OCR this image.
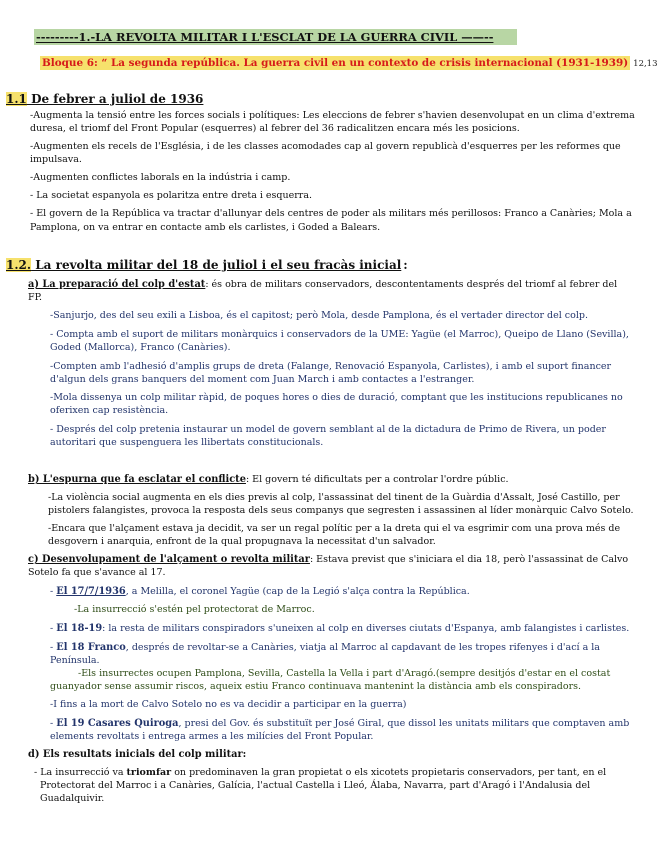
---------1.-LA REVOLTA MILITAR I L'ESCLAT DE LA GUERRA CIVIL ——--
Bloque 6: “ La segunda república. La guerra civil en un contexto de crisis internacional (1931-1939) 12,13
1.1 De febrer a juliol de 1936
-Augmenta la tensió entre les forces socials i polítiques: Les eleccions de febrer s'havien desenvolupat en un clima d'extrema
duresa, el triomf del Front Popular (esquerres) al febrer del 36 radicalitzen encara més les posicions.
-Augmenten els recels de l'Església, i de les classes acomodades cap al govern republicà d'esquerres per les reformes que
impulsava.
-Augmenten conflictes laborals en la indústria i camp.
- La societat espanyola es polaritza entre dreta i esquerra.
- El govern de la República va tractar d'allunyar dels centres de poder als militars més perillosos: Franco a Canàries; Mola a
Pamplona, on va entrar en contacte amb els carlistes, i Goded a Balears.
1.2. La revolta militar del 18 de juliol i el seu fracàs inicial :
a) La preparació del colp d'estat: és obra de militars conservadors, descontentaments després del triomf al febrer del
FP.
-Sanjurjo, des del seu exili a Lisboa, és el capitost; però Mola, desde Pamplona, és el vertader director del colp.
- Compta amb el suport de militars monàrquics i conservadors de la UME: Yagüe (el Marroc), Queipo de Llano (Sevilla),
Goded (Mallorca), Franco (Canàries).
-Compten amb l'adhesió d'amplis grups de dreta (Falange, Renovació Espanyola, Carlistes), i amb el suport financer
d'algun dels grans banquers del moment com Juan March i amb contactes a l'estranger.
-Mola dissenya un colp militar ràpid, de poques hores o dies de duració, comptant que les institucions republicanes no
oferixen cap resistència.
- Després del colp pretenia instaurar un model de govern semblant al de la dictadura de Primo de Rivera, un poder
autoritari que suspenguera les llibertats constitucionals.
b) L'espurna que fa esclatar el conflicte: El govern té dificultats per a controlar l'ordre públic.
-La violència social augmenta en els dies previs al colp, l'assassinat del tinent de la Guàrdia d'Assalt, José Castillo, per
pistolers falangistes, provoca la resposta dels seus companys que segresten i assassinen al líder monàrquic Calvo Sotelo.
-Encara que l'alçament estava ja decidit, va ser un regal polític per a la dreta qui el va esgrimir com una prova més de
desgovern i anarquia, enfront de la qual propugnava la necessitat d'un salvador.
c) Desenvolupament de l'alçament o revolta militar: Estava previst que s'iniciara el dia 18, però l'assassinat de Calvo
Sotelo fa que s'avance al 17.
- El 17/7/1936, a Melilla, el coronel Yagüe (cap de la Legió s'alça contra la República.
-La insurrecció s'estén pel protectorat de Marroc.
- El 18-19: la resta de militars conspiradors s'uneixen al colp en diverses ciutats d'Espanya, amb falangistes i carlistes.
- El 18 Franco, després de revoltar-se a Canàries, viatja al Marroc al capdavant de les tropes rifenyes i d'ací a la
Península.
-Els insurrectes ocupen Pamplona, Sevilla, Castella la Vella i part d'Aragó.(sempre desitjós d'estar en el costat
guanyador sense assumir riscos, aqueix estiu Franco continuava mantenint la distància amb els conspiradors.
-I fins a la mort de Calvo Sotelo no es va decidir a participar en la guerra)
- El 19 Casares Quiroga, presi del Gov. és substituït per José Giral, que dissol les unitats militars que comptaven amb
elements revoltats i entrega armes a les milícies del Front Popular.
d) Els resultats inicials del colp militar:
- La insurrecció va triomfar on predominaven la gran propietat o els xicotets propietaris conservadors, per tant, en el
Protectorat del Marroc i a Canàries, Galícia, l'actual Castella i Lleó, Álaba, Navarra, part d'Aragó i l'Andalusia del
Guadalquivir.
